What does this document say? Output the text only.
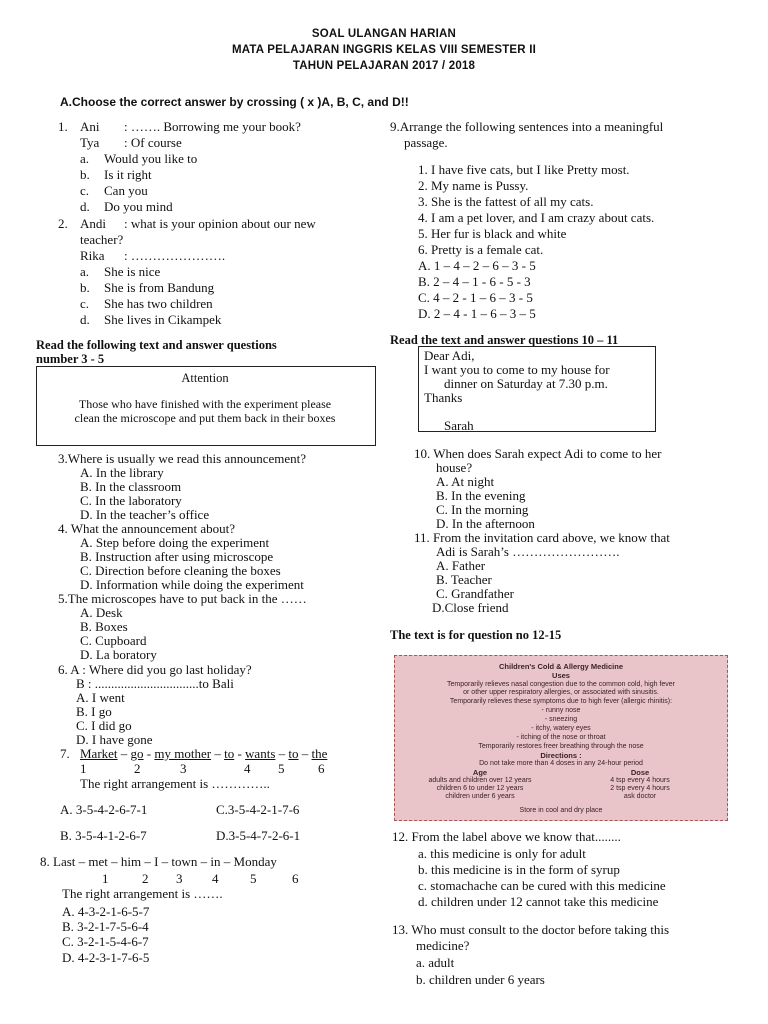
SOAL ULANGAN HARIAN
MATA PELAJARAN INGGRIS KELAS VIII SEMESTER II
TAHUN PELAJARAN 2017 / 2018
A.Choose the correct answer by crossing ( x )A, B, C, and D!!
1. Ani : ……. Borrowing me your book?
Tya : Of course
a. Would you like to
b. Is it right
c. Can you
d. Do you mind
2. Andi : what is your opinion about our new
teacher?
Rika : ………………….
a. She is nice
b. She is from Bandung
c. She has two children
d. She lives in Cikampek
Read the following text and answer questions
number 3 - 5
Attention
Those who have finished with the experiment please
clean the microscope and put them back in their boxes
3.Where is usually we read this announcement?
A. In the library
B. In the classroom
C. In the laboratory
D. In the teacher’s office
4. What the announcement about?
A. Step before doing the experiment
B. Instruction after using microscope
C. Direction before cleaning the boxes
D. Information while doing the experiment
5.The microscopes have to put back in the ……
A. Desk
B. Boxes
C. Cupboard
D. La boratory
6. A : Where did you go last holiday?
B : ................................to Bali
A. I went
B. I go
C. I did go
D. I have gone
7. Market – go - my mother – to - wants – to – the
1	2	3	4 5	6
The right arrangement is …………..
A. 3-5-4-2-6-7-1	C.3-5-4-2-1-7-6
B. 3-5-4-1-2-6-7	D.3-5-4-7-2-6-1
8. Last – met – him – I – town – in – Monday
1	2 3 4 5	6
The right arrangement is …….
A. 4-3-2-1-6-5-7
B. 3-2-1-7-5-6-4
C. 3-2-1-5-4-6-7
D. 4-2-3-1-7-6-5
9.Arrange the following sentences into a meaningful
passage.
1. I have five cats, but I like Pretty most.
2. My name is Pussy.
3. She is the fattest of all my cats.
4. I am a pet lover, and I am crazy about cats.
5. Her fur is black and white
6. Pretty is a female cat.
A. 1 – 4 – 2 – 6 – 3 - 5
B. 2 – 4 – 1 - 6 - 5 - 3
C. 4 – 2 - 1 – 6 – 3 - 5
D. 2 – 4 - 1 – 6 – 3 – 5
Read the text and answer questions 10 – 11
Dear Adi,
I want you to come to my house for
dinner on Saturday at 7.30 p.m.
Thanks
Sarah
10. When does Sarah expect Adi to come to her
house?
A. At night
B. In the evening
C. In the morning
D. In the afternoon
11. From the invitation card above, we know that
Adi is Sarah’s …………………….
A. Father
B. Teacher
C. Grandfather
D.Close friend
The text is for question no 12-15
Children's Cold & Allergy Medicine
Uses
Temporarily relieves nasal congestion due to the common cold, high fever
or other upper respiratory allergies, or associated with sinusitis.
Temporarily relieves these symptoms due to high fever (allergic rhinitis):
- runny nose
- sneezing
- itchy, watery eyes
- itching of the nose or throat
Temporarily restores freer breathing through the nose
Directions :
Do not take more than 4 doses in any 24-hour period
Age	Dose
adults and children over 12 years	4 tsp every 4 hours
children 6 to under 12 years	2 tsp every 4 hours
children under 6 years	ask doctor
Store in cool and dry place
12. From the label above we know that........
a. this medicine is only for adult
b. this medicine is in the form of syrup
c. stomachache can be cured with this medicine
d. children under 12 cannot take this medicine
13. Who must consult to the doctor before taking this
medicine?
a. adult
b. children under 6 years
